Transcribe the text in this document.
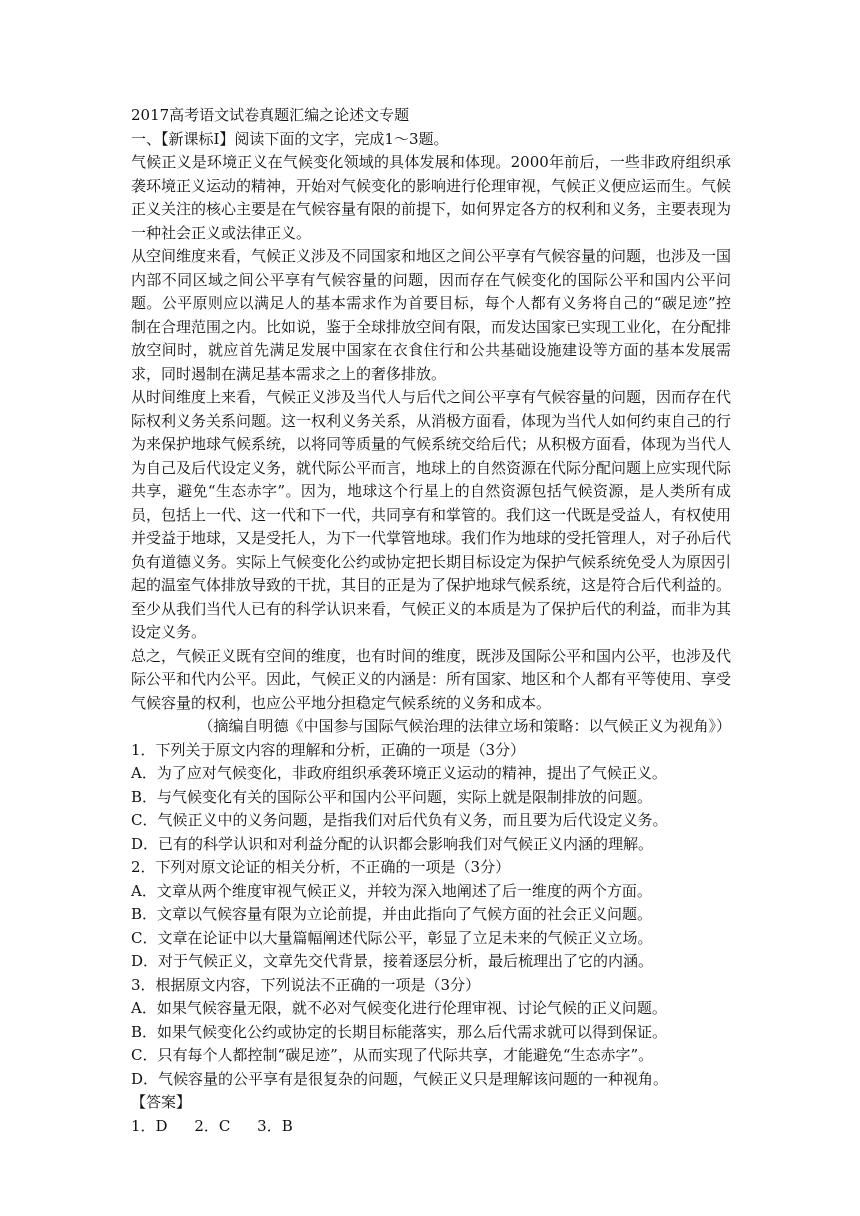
2017高考语文试卷真题汇编之论述文专题
一、【新课标Ⅰ】阅读下面的文字，完成1～3题。
气候正义是环境正义在气候变化领域的具体发展和体现。2000年前后，一些非政府组织承
袭环境正义运动的精神，开始对气候变化的影响进行伦理审视，气候正义便应运而生。气候
正义关注的核心主要是在气候容量有限的前提下，如何界定各方的权利和义务，主要表现为
一种社会正义或法律正义。
从空间维度来看，气候正义涉及不同国家和地区之间公平享有气候容量的问题，也涉及一国
内部不同区域之间公平享有气候容量的问题，因而存在气候变化的国际公平和国内公平问
题。公平原则应以满足人的基本需求作为首要目标，每个人都有义务将自己的“碳足迹”控
制在合理范围之内。比如说，鉴于全球排放空间有限，而发达国家已实现工业化，在分配排
放空间时，就应首先满足发展中国家在衣食住行和公共基础设施建设等方面的基本发展需
求，同时遏制在满足基本需求之上的奢侈排放。
从时间维度上来看，气候正义涉及当代人与后代之间公平享有气候容量的问题，因而存在代
际权利义务关系问题。这一权利义务关系，从消极方面看，体现为当代人如何约束自己的行
为来保护地球气候系统，以将同等质量的气候系统交给后代；从积极方面看，体现为当代人
为自己及后代设定义务，就代际公平而言，地球上的自然资源在代际分配问题上应实现代际
共享，避免“生态赤字”。因为，地球这个行星上的自然资源包括气候资源，是人类所有成
员，包括上一代、这一代和下一代，共同享有和掌管的。我们这一代既是受益人，有权使用
并受益于地球，又是受托人，为下一代掌管地球。我们作为地球的受托管理人，对子孙后代
负有道德义务。实际上气候变化公约或协定把长期目标设定为保护气候系统免受人为原因引
起的温室气体排放导致的干扰，其目的正是为了保护地球气候系统，这是符合后代利益的。
至少从我们当代人已有的科学认识来看，气候正义的本质是为了保护后代的利益，而非为其
设定义务。
总之，气候正义既有空间的维度，也有时间的维度，既涉及国际公平和国内公平，也涉及代
际公平和代内公平。因此，气候正义的内涵是：所有国家、地区和个人都有平等使用、享受
气候容量的权利，也应公平地分担稳定气候系统的义务和成本。
（摘编自明德《中国参与国际气候治理的法律立场和策略：以气候正义为视角》）
1．下列关于原文内容的理解和分析，正确的一项是（3分）
A．为了应对气候变化，非政府组织承袭环境正义运动的精神，提出了气候正义。
B．与气候变化有关的国际公平和国内公平问题，实际上就是限制排放的问题。
C．气候正义中的义务问题，是指我们对后代负有义务，而且要为后代设定义务。
D．已有的科学认识和对利益分配的认识都会影响我们对气候正义内涵的理解。
2．下列对原文论证的相关分析，不正确的一项是（3分）
A．文章从两个维度审视气候正义，并较为深入地阐述了后一维度的两个方面。
B．文章以气候容量有限为立论前提，并由此指向了气候方面的社会正义问题。
C．文章在论证中以大量篇幅阐述代际公平，彰显了立足未来的气候正义立场。
D．对于气候正义，文章先交代背景，接着逐层分析，最后梳理出了它的内涵。
3．根据原文内容，下列说法不正确的一项是（3分）
A．如果气候容量无限，就不必对气候变化进行伦理审视、讨论气候的正义问题。
B．如果气候变化公约或协定的长期目标能落实，那么后代需求就可以得到保证。
C．只有每个人都控制“碳足迹”，从而实现了代际共享，才能避免“生态赤字”。
D．气候容量的公平享有是很复杂的问题，气候正义只是理解该问题的一种视角。
【答案】
1．D 2．C 3．B
